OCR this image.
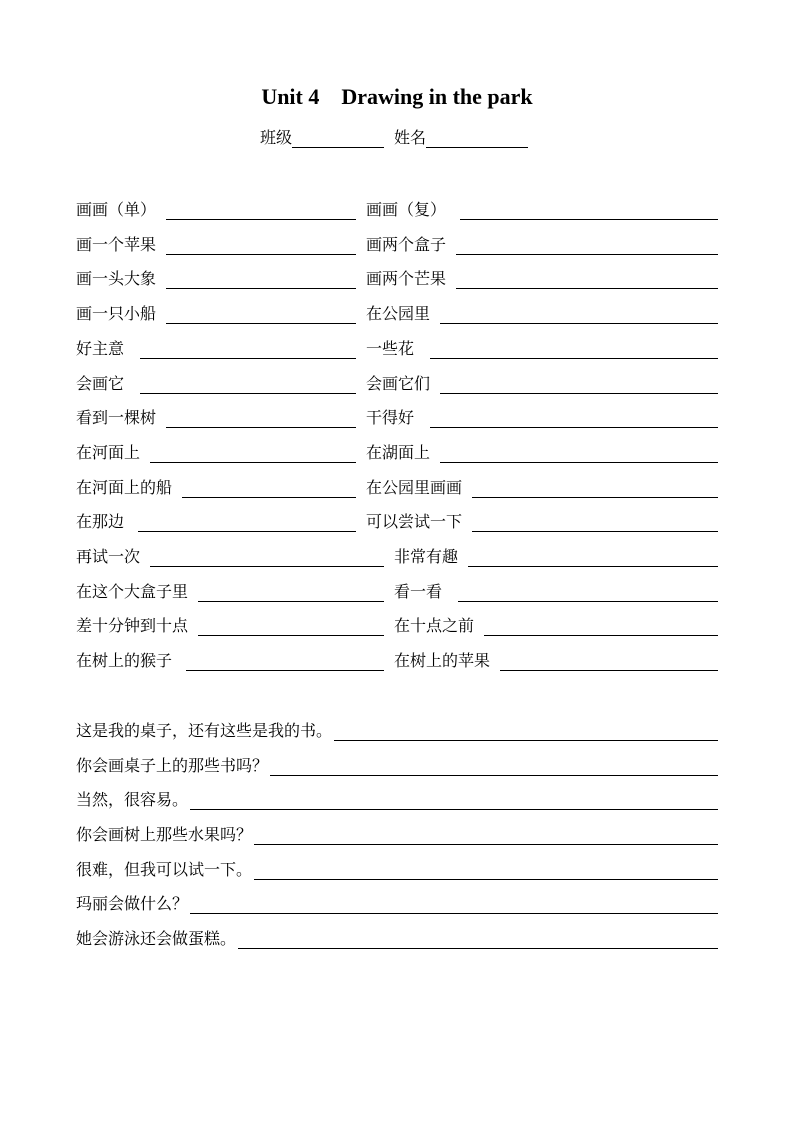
Unit 4    Drawing in the park
班级	姓名
画画（单）	画画（复）
画一个苹果	画两个盒子
画一头大象	画两个芒果
画一只小船	在公园里
好主意	一些花
会画它	会画它们
看到一棵树	干得好
在河面上	在湖面上
在河面上的船	在公园里画画
在那边	可以尝试一下
再试一次	非常有趣
在这个大盒子里	看一看
差十分钟到十点	在十点之前
在树上的猴子	在树上的苹果
这是我的桌子，还有这些是我的书。
你会画桌子上的那些书吗？
当然，很容易。
你会画树上那些水果吗？
很难，但我可以试一下。
玛丽会做什么？
她会游泳还会做蛋糕。
